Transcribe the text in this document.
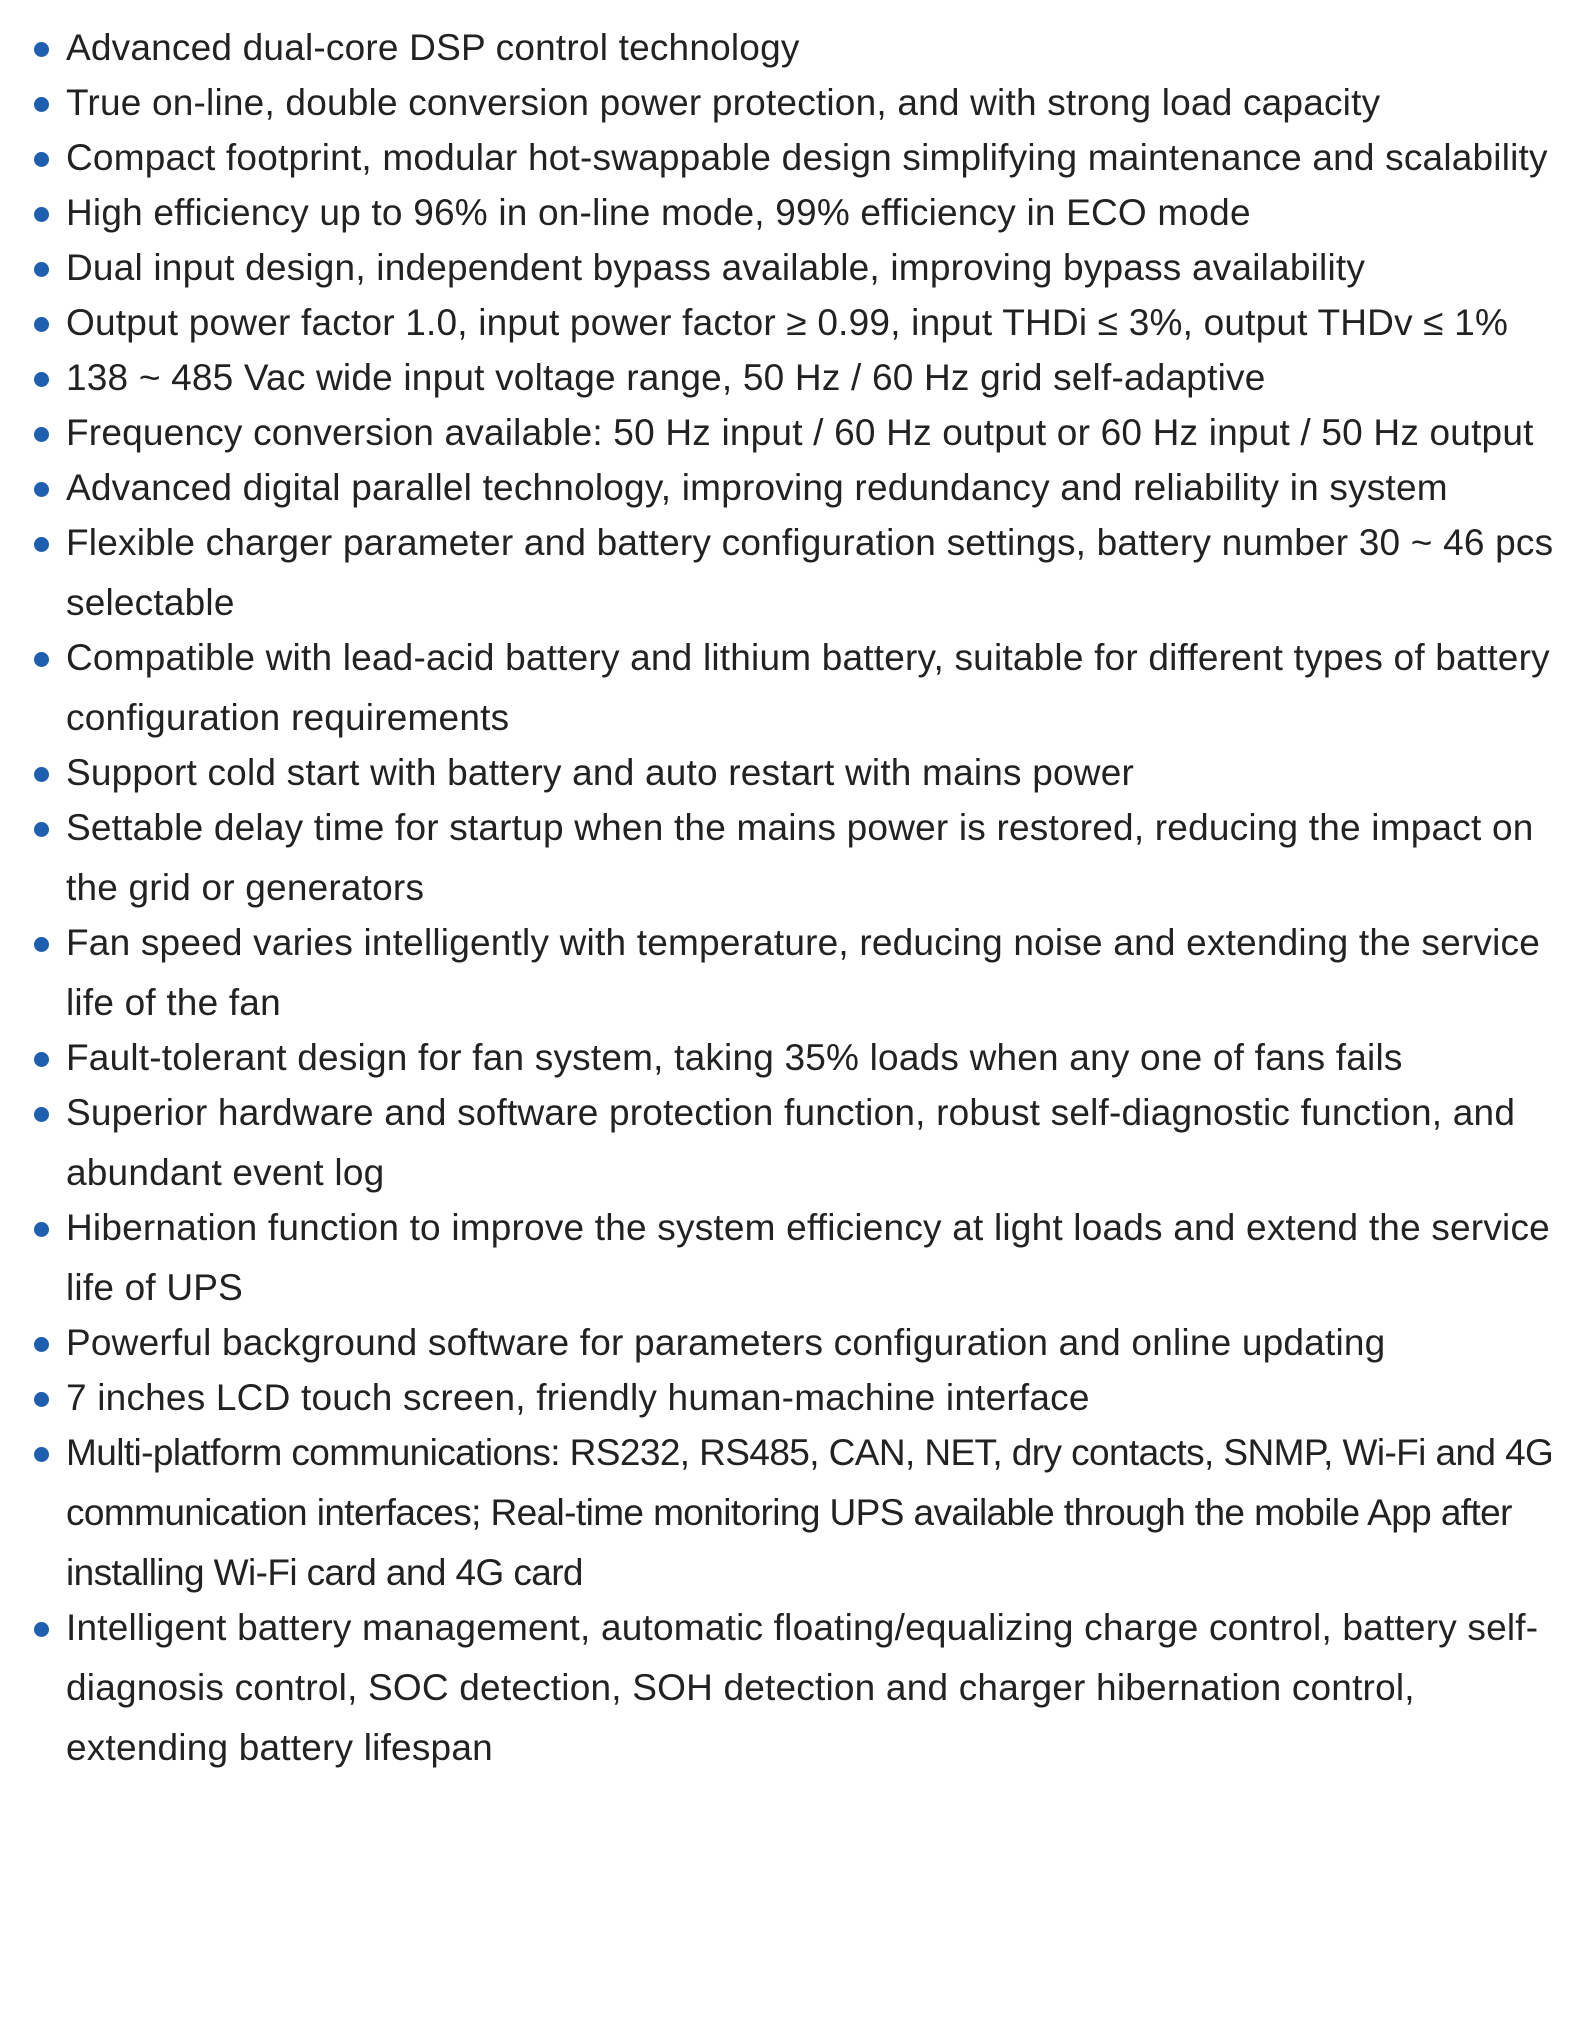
Advanced dual-core DSP control technology
True on-line, double conversion power protection, and with strong load capacity
Compact footprint, modular hot-swappable design simplifying maintenance and scalability
High efficiency up to 96% in on-line mode, 99% efficiency in ECO mode
Dual input design, independent bypass available, improving bypass availability
Output power factor 1.0, input power factor ≥ 0.99, input THDi ≤ 3%, output THDv ≤ 1%
138 ~ 485 Vac wide input voltage range, 50 Hz / 60 Hz grid self-adaptive
Frequency conversion available: 50 Hz input / 60 Hz output or 60 Hz input / 50 Hz output
Advanced digital parallel technology, improving redundancy and reliability in system
Flexible charger parameter and battery configuration settings, battery number 30 ~ 46 pcs selectable
Compatible with lead-acid battery and lithium battery, suitable for different types of battery configuration requirements
Support cold start with battery and auto restart with mains power
Settable delay time for startup when the mains power is restored, reducing the impact on the grid or generators
Fan speed varies intelligently with temperature, reducing noise and extending the service life of the fan
Fault-tolerant design for fan system, taking 35% loads when any one of fans fails
Superior hardware and software protection function, robust self-diagnostic function, and abundant event log
Hibernation function to improve the system efficiency at light loads and extend the service life of UPS
Powerful background software for parameters configuration and online updating
7 inches LCD touch screen, friendly human-machine interface
Multi-platform communications: RS232, RS485, CAN, NET, dry contacts, SNMP, Wi-Fi and 4G communication interfaces; Real-time monitoring UPS available through the mobile App after installing Wi-Fi card and 4G card
Intelligent battery management, automatic floating/equalizing charge control, battery self-diagnosis control, SOC detection, SOH detection and charger hibernation control, extending battery lifespan
